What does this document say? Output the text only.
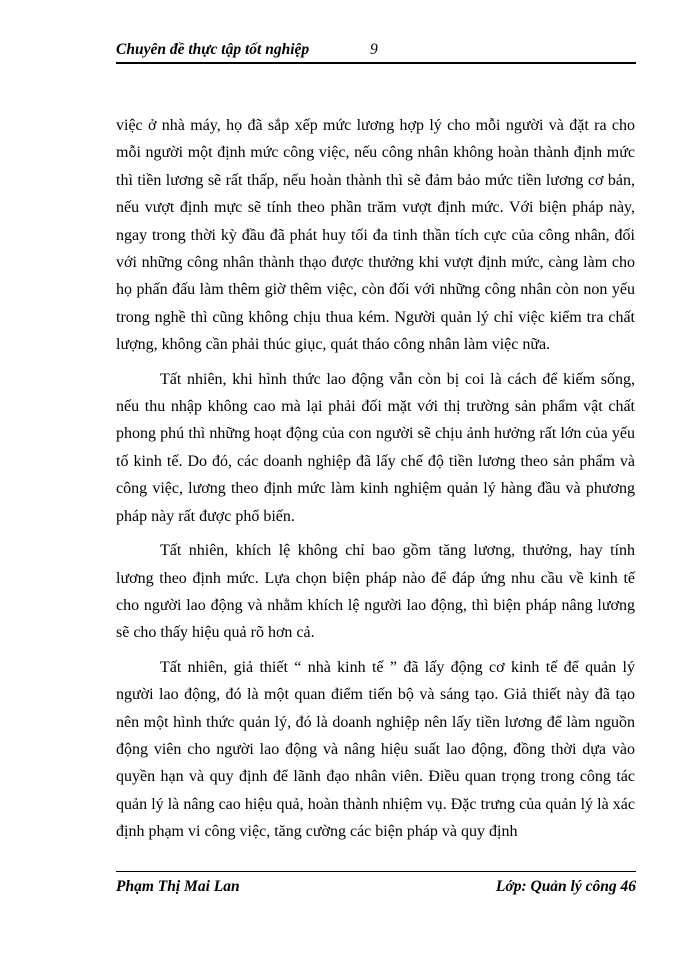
Chuyên đề thực tập tốt nghiệp	9

việc ở nhà máy, họ đã sắp xếp mức lương hợp lý cho mỗi người và đặt ra cho mỗi người một định mức công việc, nếu công nhân không hoàn thành định mức thì tiền lương sẽ rất thấp, nếu hoàn thành thì sẽ đảm bảo mức tiền lương cơ bản, nếu vượt định mực sẽ tính theo phần trăm vượt định mức. Với biện pháp này, ngay trong thời kỳ đầu đã phát huy tối đa tinh thần tích cực của công nhân, đối với những công nhân thành thạo được thưởng khi vượt định mức, càng làm cho họ phấn đấu làm thêm giờ thêm việc, còn đối với những công nhân còn non yếu trong nghề thì cũng không chịu thua kém. Người quản lý chỉ việc kiểm tra chất lượng, không cần phải thúc giục, quát tháo công nhân làm việc nữa.

Tất nhiên, khi hình thức lao động vẫn còn bị coi là cách để kiếm sống, nếu thu nhập không cao mà lại phải đối mặt với thị trường sản phẩm vật chất phong phú thì những hoạt động của con người sẽ chịu ảnh hưởng rất lớn của yếu tố kinh tế. Do đó, các doanh nghiệp đã lấy chế độ tiền lương theo sản phẩm và công việc, lương theo định mức làm kinh nghiệm quản lý hàng đầu và phương pháp này rất được phổ biến.

Tất nhiên, khích lệ không chỉ bao gồm tăng lương, thưởng, hay tính lương theo định mức. Lựa chọn biện pháp nào để đáp ứng nhu cầu về kinh tế cho người lao động và nhằm khích lệ người lao động, thì biện pháp nâng lương sẽ cho thấy hiệu quả rõ hơn cả.

Tất nhiên, giả thiết “ nhà kinh tế ” đã lấy động cơ kinh tế để quản lý người lao động, đó là một quan điểm tiến bộ và sáng tạo. Giả thiết này đã tạo nên một hình thức quản lý, đó là doanh nghiệp nên lấy tiền lương để làm nguồn động viên cho người lao động và nâng hiệu suất lao động, đồng thời dựa vào quyền hạn và quy định để lãnh đạo nhân viên. Điều quan trọng trong công tác quản lý là nâng cao hiệu quả, hoàn thành nhiệm vụ. Đặc trưng của quản lý là xác định phạm vi công việc, tăng cường các biện pháp và quy định

Phạm Thị Mai Lan	Lớp: Quản lý công 46
